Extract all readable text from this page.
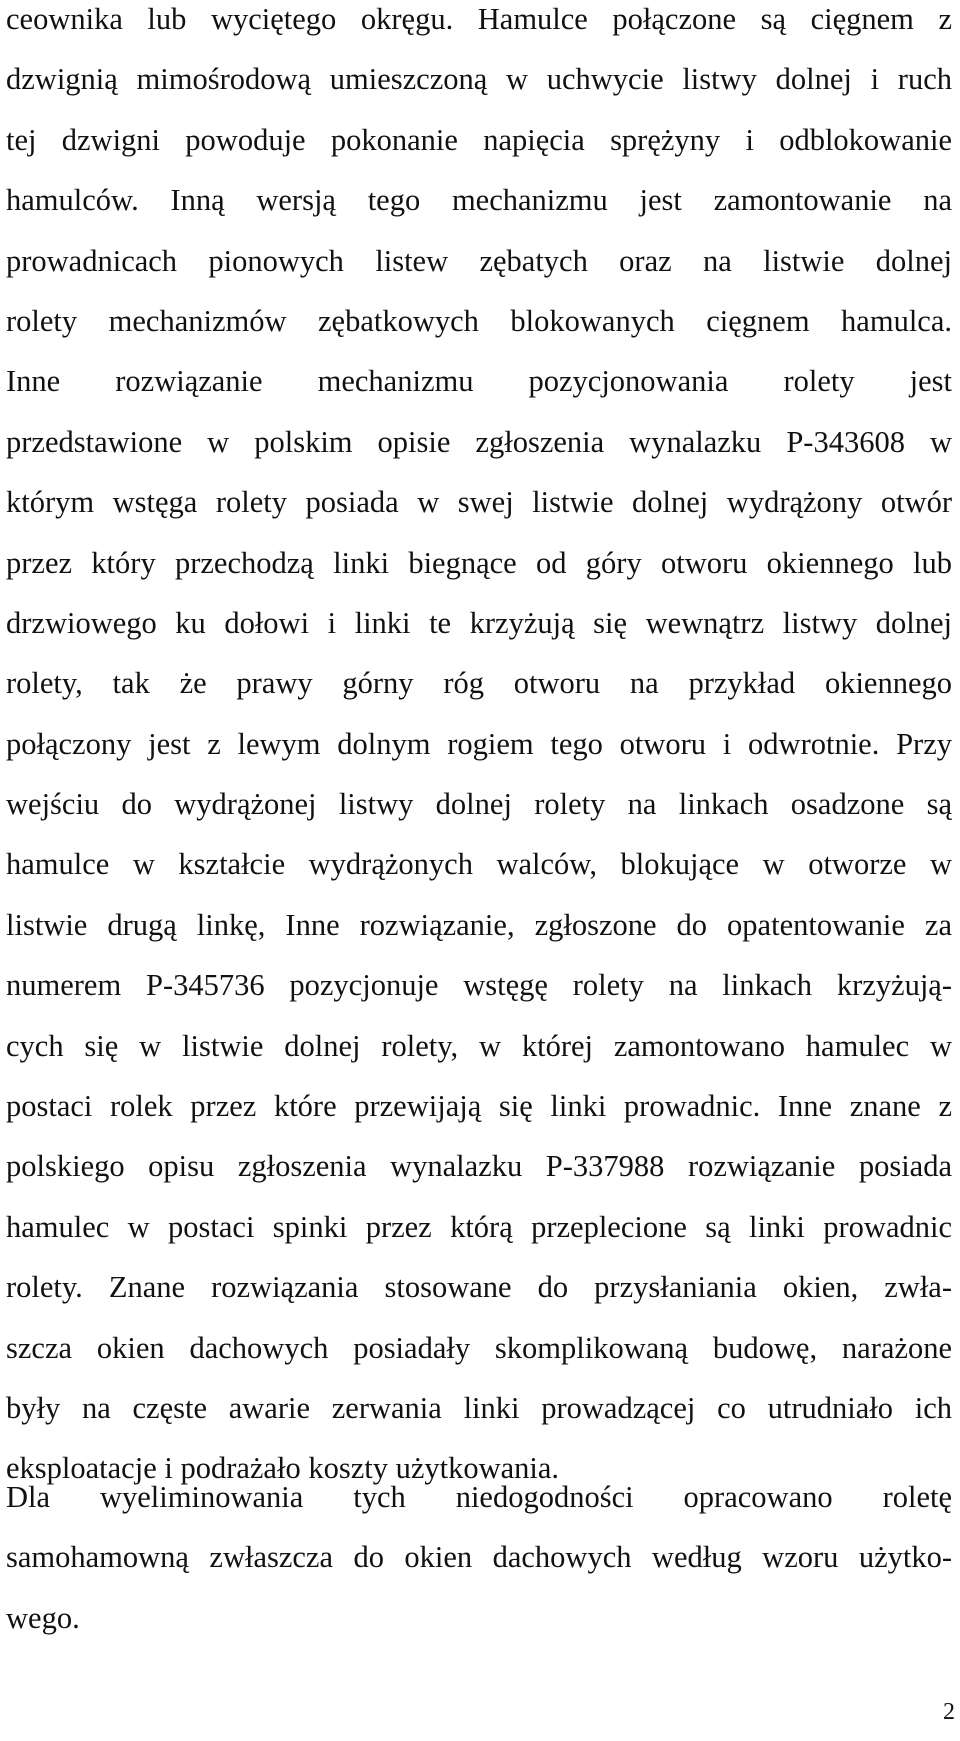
ceownika lub wyciętego okręgu. Hamulce połączone są cięgnem z
dzwignią mimośrodową umieszczoną w uchwycie listwy dolnej i ruch
tej dzwigni powoduje pokonanie napięcia sprężyny i odblokowanie
hamulców. Inną wersją tego mechanizmu jest zamontowanie na
prowadnicach pionowych listew zębatych oraz na listwie dolnej
rolety mechanizmów zębatkowych blokowanych cięgnem hamulca.
Inne rozwiązanie mechanizmu pozycjonowania rolety jest
przedstawione w polskim opisie zgłoszenia wynalazku P-343608 w
którym wstęga rolety posiada w swej listwie dolnej wydrążony otwór
przez który przechodzą linki biegnące od góry otworu okiennego lub
drzwiowego ku dołowi i linki te krzyżują się wewnątrz listwy dolnej
rolety, tak że prawy górny róg otworu na przykład okiennego
połączony jest z lewym dolnym rogiem tego otworu i odwrotnie. Przy
wejściu do wydrążonej listwy dolnej rolety na linkach osadzone są
hamulce w kształcie wydrążonych walców, blokujące w otworze w
listwie drugą linkę, Inne rozwiązanie, zgłoszone do opatentowanie za
numerem P-345736 pozycjonuje wstęgę rolety na linkach krzyżują-
cych się w listwie dolnej rolety, w której zamontowano hamulec w
postaci rolek przez które przewijają się linki prowadnic. Inne znane z
polskiego opisu zgłoszenia wynalazku P-337988 rozwiązanie posiada
hamulec w postaci spinki przez którą przeplecione są linki prowadnic
rolety. Znane rozwiązania stosowane do przysłaniania okien, zwła-
szcza okien dachowych posiadały skomplikowaną budowę, narażone
były na częste awarie zerwania linki prowadzącej co utrudniało ich
eksploatacje i podrażało koszty użytkowania.
Dla wyeliminowania tych niedogodności opracowano roletę
samohamowną zwłaszcza do okien dachowych według wzoru użytko-
wego.
2
